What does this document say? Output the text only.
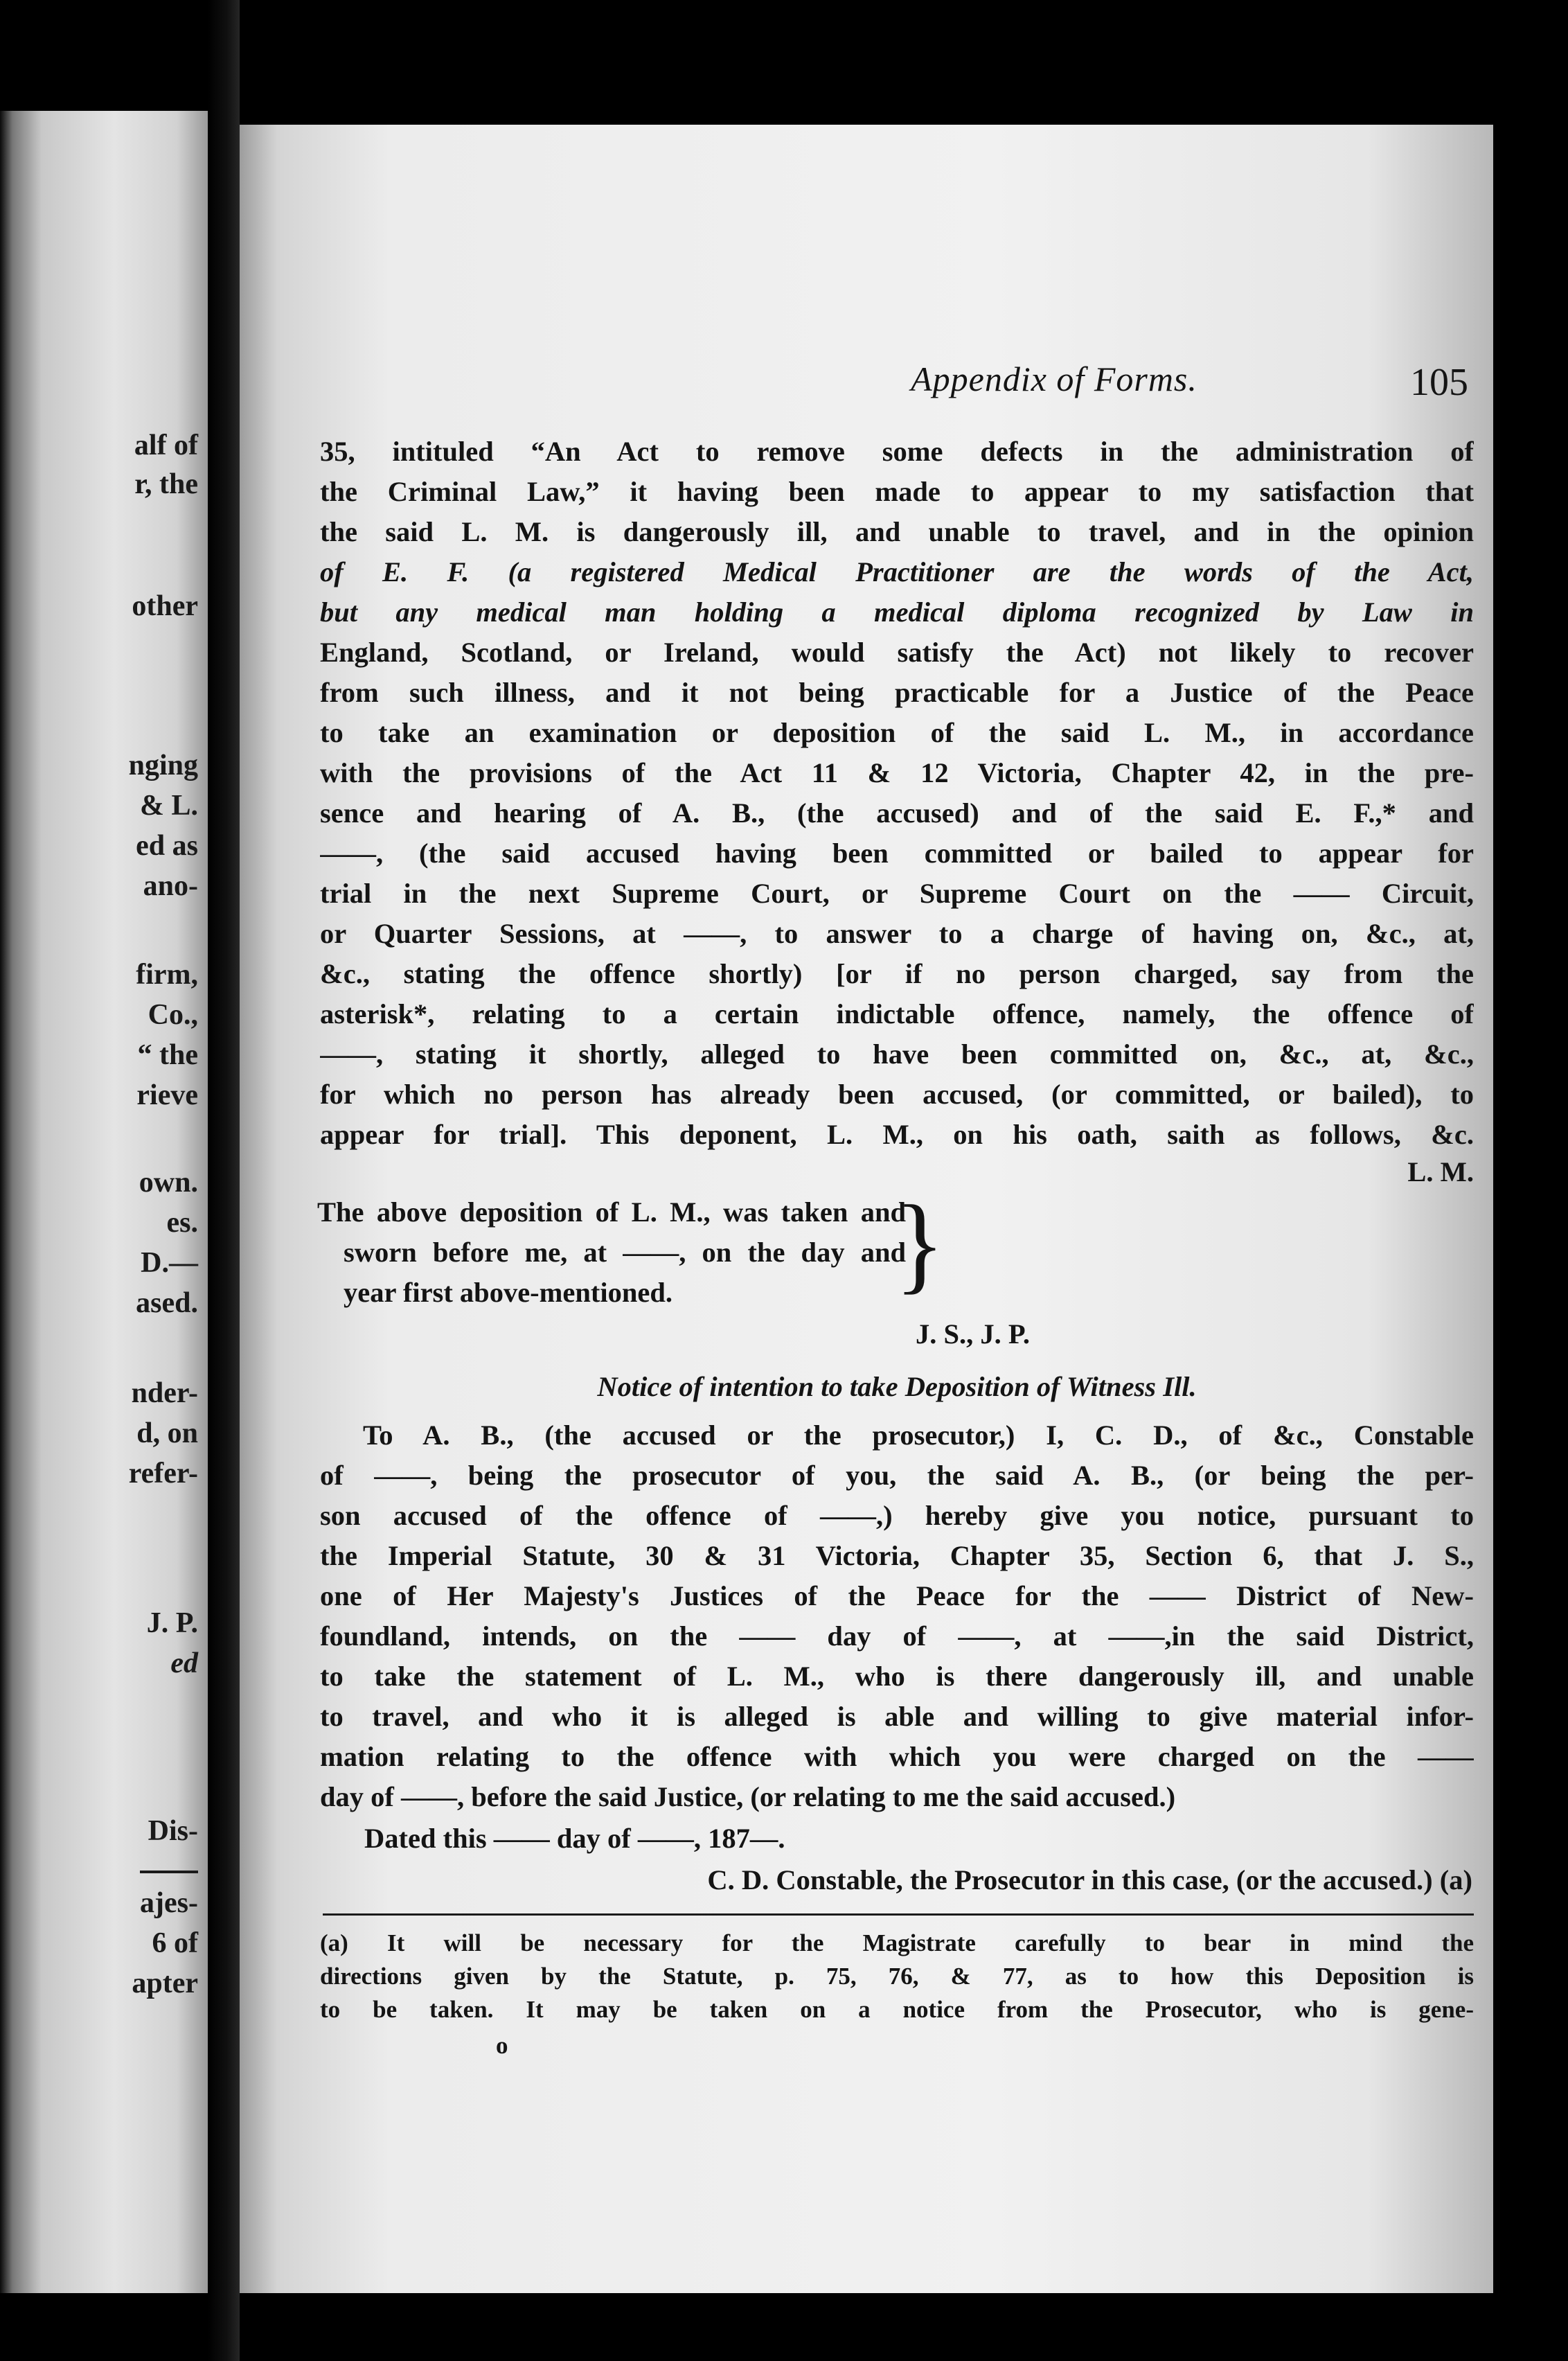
alf of
r, the
other
nging
& L.
ed as
ano-
firm,
Co.,
“ the
rieve
own.
es.
D.—
ased.
nder-
d, on
refer-
J. P.
ed
Dis-
ajes-
6 of
apter
Appendix of Forms.	105
35, intituled “An Act to remove some defects in the administration of
the Criminal Law,” it having been made to appear to my satisfaction that
the said L. M. is dangerously ill, and unable to travel, and in the opinion
of E. F. (a registered Medical Practitioner are the words of the Act,
but any medical man holding a medical diploma recognized by Law in
England, Scotland, or Ireland, would satisfy the Act) not likely to recover
from such illness, and it not being practicable for a Justice of the Peace
to take an examination or deposition of the said L. M., in accordance
with the provisions of the Act 11 & 12 Victoria, Chapter 42, in the pre-
sence and hearing of A. B., (the accused) and of the said E. F.,* and
——, (the said accused having been committed or bailed to appear for
trial in the next Supreme Court, or Supreme Court on the —— Circuit,
or Quarter Sessions, at ——, to answer to a charge of having on, &c., at,
&c., stating the offence shortly) [or if no person charged, say from the
asterisk*, relating to a certain indictable offence, namely, the offence of
——, stating it shortly, alleged to have been committed on, &c., at, &c.,
for which no person has already been accused, (or committed, or bailed), to
appear for trial]. This deponent, L. M., on his oath, saith as follows, &c.
L. M.
The above deposition of L. M., was taken and
sworn before me, at ——, on the day and
year first above-mentioned.	}
J. S., J. P.
Notice of intention to take Deposition of Witness Ill.
To A. B., (the accused or the prosecutor,) I, C. D., of &c., Constable
of ——, being the prosecutor of you, the said A. B., (or being the per-
son accused of the offence of ——,) hereby give you notice, pursuant to
the Imperial Statute, 30 & 31 Victoria, Chapter 35, Section 6, that J. S.,
one of Her Majesty's Justices of the Peace for the —— District of New-
foundland, intends, on the —— day of ——, at ——,in the said District,
to take the statement of L. M., who is there dangerously ill, and unable
to travel, and who it is alleged is able and willing to give material infor-
mation relating to the offence with which you were charged on the ——
day of ——, before the said Justice, (or relating to me the said accused.)
Dated this —— day of ——, 187—.
C. D. Constable, the Prosecutor in this case, (or the accused.) (a)
(a) It will be necessary for the Magistrate carefully to bear in mind the
directions given by the Statute, p. 75, 76, & 77, as to how this Deposition is
to be taken. It may be taken on a notice from the Prosecutor, who is gene-
o
